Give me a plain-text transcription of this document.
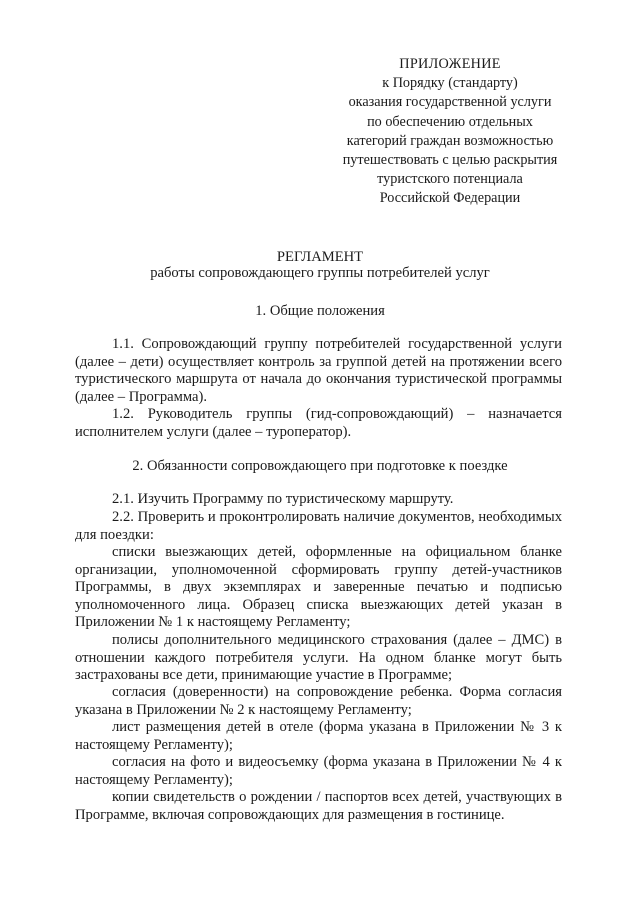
ПРИЛОЖЕНИЕ
к Порядку (стандарту)
оказания государственной услуги
по обеспечению отдельных
категорий граждан возможностью
путешествовать с целью раскрытия
туристского потенциала
Российской Федерации
РЕГЛАМЕНТ
работы сопровождающего группы потребителей услуг
1. Общие положения
1.1. Сопровождающий группу потребителей государственной услуги (далее – дети) осуществляет контроль за группой детей на протяжении всего туристического маршрута от начала до окончания туристической программы (далее – Программа).
1.2. Руководитель группы (гид-сопровождающий) – назначается исполнителем услуги (далее – туроператор).
2. Обязанности сопровождающего при подготовке к поездке
2.1. Изучить Программу по туристическому маршруту.
2.2. Проверить и проконтролировать наличие документов, необходимых для поездки:
списки выезжающих детей, оформленные на официальном бланке организации, уполномоченной сформировать группу детей-участников Программы, в двух экземплярах и заверенные печатью и подписью уполномоченного лица. Образец списка выезжающих детей указан в Приложении № 1 к настоящему Регламенту;
полисы дополнительного медицинского страхования (далее – ДМС) в отношении каждого потребителя услуги. На одном бланке могут быть застрахованы все дети, принимающие участие в Программе;
согласия (доверенности) на сопровождение ребенка. Форма согласия указана в Приложении № 2 к настоящему Регламенту;
лист размещения детей в отеле (форма указана в Приложении № 3 к настоящему Регламенту);
согласия на фото и видеосъемку (форма указана в Приложении № 4 к настоящему Регламенту);
копии свидетельств о рождении / паспортов всех детей, участвующих в Программе, включая сопровождающих для размещения в гостинице.
